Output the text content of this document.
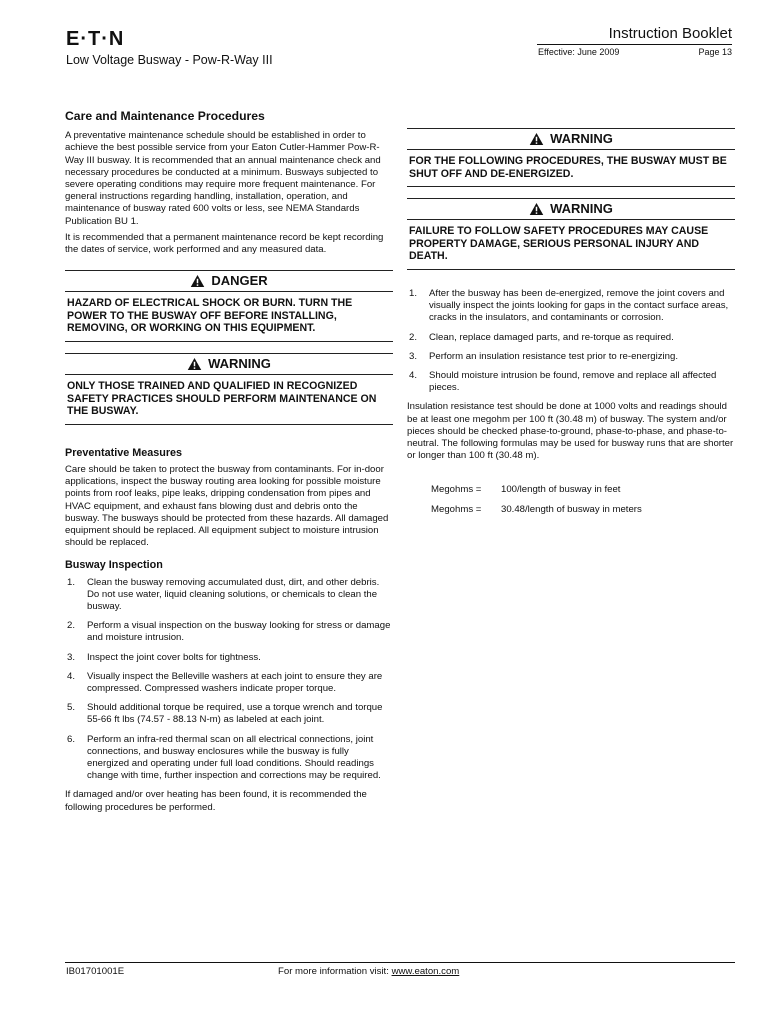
E·T·N
Low Voltage Busway - Pow-R-Way III
Instruction Booklet
Effective: June 2009	Page 13
Care and Maintenance Procedures

A preventative maintenance schedule should be established in order to achieve the best possible service from your Eaton Cutler-Hammer Pow-R-Way III busway. It is recommended that an annual maintenance check and necessary procedures be conducted at a minimum. Busways subjected to severe operating conditions may require more frequent maintenance. For general instructions regarding handling, installation, operation, and maintenance of busway rated 600 volts or less, see NEMA Standards Publication BU 1.

It is recommended that a permanent maintenance record be kept recording the dates of service, work performed and any measured data.

DANGER
HAZARD OF ELECTRICAL SHOCK OR BURN. TURN THE POWER TO THE BUSWAY OFF BEFORE INSTALLING, REMOVING, OR WORKING ON THIS EQUIPMENT.
WARNING
ONLY THOSE TRAINED AND QUALIFIED IN RECOGNIZED SAFETY PRACTICES SHOULD PERFORM MAINTENANCE ON THE BUSWAY.
Preventative Measures

Care should be taken to protect the busway from contaminants. For in-door applications, inspect the busway routing area looking for possible moisture points from roof leaks, pipe leaks, dripping condensation from pipes and HVAC equipment, and exhaust fans blowing dust and debris onto the busway. The busways should be protected from these hazards. All damaged equipment should be replaced. All equipment subject to moisture intrusion should be replaced.

Busway Inspection
1.	Clean the busway removing accumulated dust, dirt, and other debris. Do not use water, liquid cleaning solutions, or chemicals to clean the busway.
2.	Perform a visual inspection on the busway looking for stress or damage and moisture intrusion.
3.	Inspect the joint cover bolts for tightness.
4.	Visually inspect the Belleville washers at each joint to ensure they are compressed. Compressed washers indicate proper torque.
5.	Should additional torque be required, use a torque wrench and torque 55-66 ft lbs (74.57 - 88.13 N-m) as labeled at each joint.
6.	Perform an infra-red thermal scan on all electrical connections, joint connections, and busway enclosures while the busway is fully energized and operating under full load conditions. Should readings change with time, further inspection and corrections may be required.

If damaged and/or over heating has been found, it is recommended the following procedures be performed.

WARNING
FOR THE FOLLOWING PROCEDURES, THE BUSWAY MUST BE SHUT OFF AND DE-ENERGIZED.
WARNING
FAILURE TO FOLLOW SAFETY PROCEDURES MAY CAUSE PROPERTY DAMAGE, SERIOUS PERSONAL INJURY AND DEATH.
1.	After the busway has been de-energized, remove the joint covers and visually inspect the joints looking for gaps in the contact surface areas, cracks in the insulators, and contaminants or corrosion.
2.	Clean, replace damaged parts, and re-torque as required.
3.	Perform an insulation resistance test prior to re-energizing.
4.	Should moisture intrusion be found, remove and replace all affected pieces.

Insulation resistance test should be done at 1000 volts and readings should be at least one megohm per 100 ft (30.48 m) of busway. The system and/or pieces should be checked phase-to-ground, phase-to-phase, and phase-to-neutral. The following formulas may be used for busway runs that are shorter or longer than 100 ft (30.48 m).

Megohms =	100/length of busway in feet
Megohms =	30.48/length of busway in meters
IB01701001E	For more information visit: www.eaton.com
